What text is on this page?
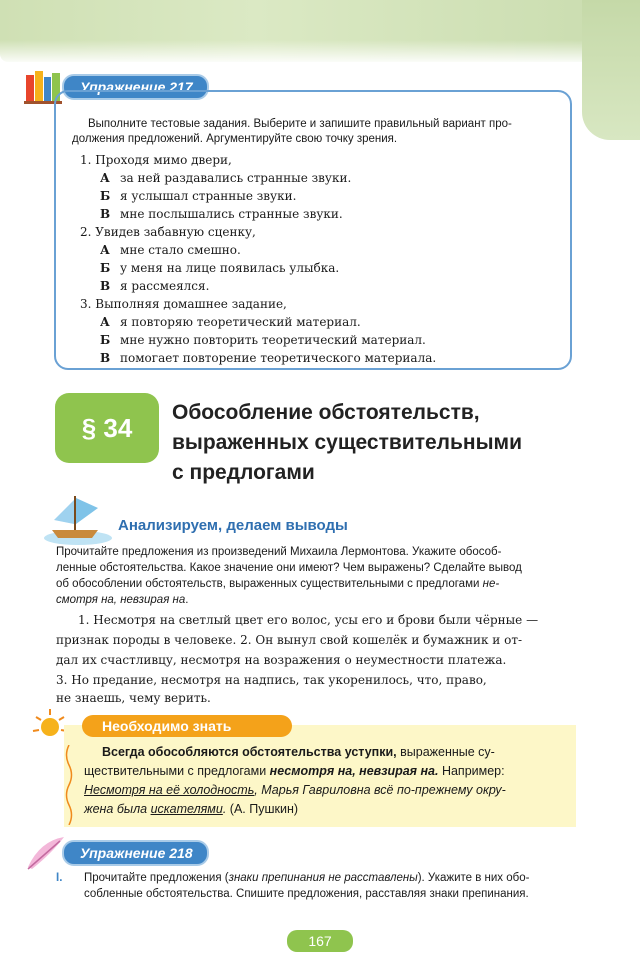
Упражнение 217
Выполните тестовые задания. Выберите и запишите правильный вариант про-
должения предложений. Аргументируйте свою точку зрения.
1. Проходя мимо двери,
А за ней раздавались странные звуки.
Б я услышал странные звуки.
В мне послышались странные звуки.
2. Увидев забавную сценку,
А мне стало смешно.
Б у меня на лице появилась улыбка.
В я рассмеялся.
3. Выполняя домашнее задание,
А я повторяю теоретический материал.
Б мне нужно повторить теоретический материал.
В помогает повторение теоретического материала.
§ 34	Обособление обстоятельств,
выраженных существительными
с предлогами
Анализируем, делаем выводы
Прочитайте предложения из произведений Михаила Лермонтова. Укажите обособ-
ленные обстоятельства. Какое значение они имеют? Чем выражены? Сделайте вывод
об обособлении обстоятельств, выраженных существительными с предлогами не-
смотря на, невзирая на.
1. Несмотря на светлый цвет его волос, усы его и брови были чёрные —
признак породы в человеке. 2. Он вынул свой кошелёк и бумажник и от-
дал их счастливцу, несмотря на возражения о неуместности платежа.
3. Но предание, несмотря на надпись, так укоренилось, что, право,
не знаешь, чему верить.
Необходимо знать
Всегда обособляются обстоятельства уступки, выраженные су-
ществительными с предлогами несмотря на, невзирая на. Например:
Несмотря на её холодность, Марья Гавриловна всё по-прежнему окру-
жена была искателями. (А. Пушкин)
Упражнение 218
I. Прочитайте предложения (знаки препинания не расставлены). Укажите в них обо-
собленные обстоятельства. Спишите предложения, расставляя знаки препинания.
167
